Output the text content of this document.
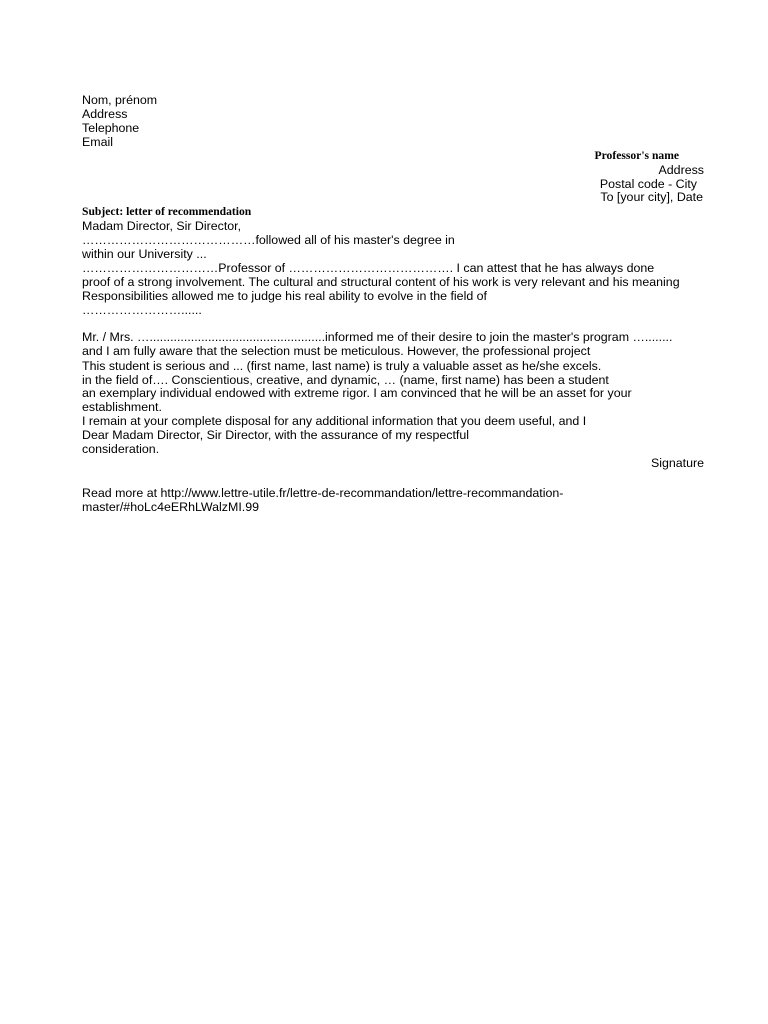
Nom, prénom

Address

Telephone

Email

Professor's name

Address

Postal code - City

To [your city], Date

Subject: letter of recommendation

Madam Director, Sir Director,

……………………………………followed all of his master's degree in

within our University ...

……………………………Professor of …………………………………. I can attest that he has always done

proof of a strong involvement. The cultural and structural content of his work is very relevant and his meaning

Responsibilities allowed me to judge his real ability to evolve in the field of

……………………......

Mr. / Mrs. …...................................................informed me of their desire to join the master's program …........

and I am fully aware that the selection must be meticulous. However, the professional project

This student is serious and ... (first name, last name) is truly a valuable asset as he/she excels.

in the field of…. Conscientious, creative, and dynamic, … (name, first name) has been a student

an exemplary individual endowed with extreme rigor. I am convinced that he will be an asset for your

establishment.

I remain at your complete disposal for any additional information that you deem useful, and I

Dear Madam Director, Sir Director, with the assurance of my respectful

consideration.

Signature

Read more at http://www.lettre-utile.fr/lettre-de-recommandation/lettre-recommandation-

master/#hoLc4eERhLWalzMI.99
